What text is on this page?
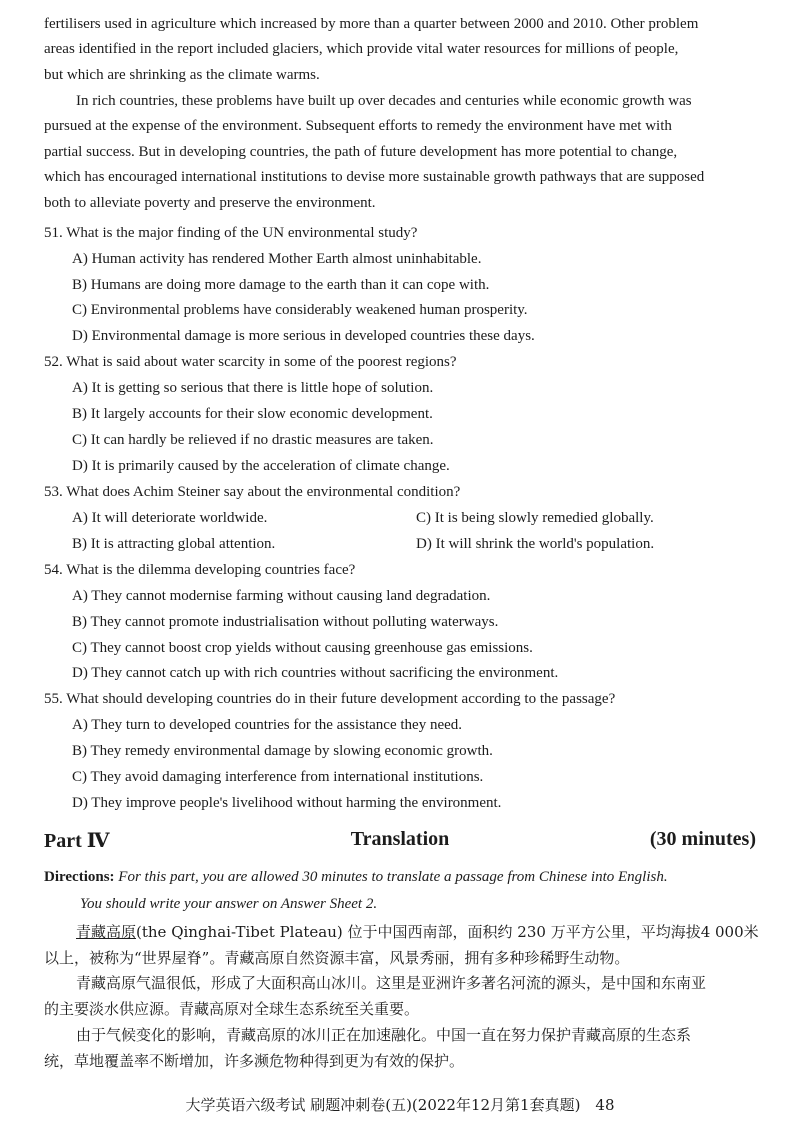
fertilisers used in agriculture which increased by more than a quarter between 2000 and 2010. Other problem
areas identified in the report included glaciers, which provide vital water resources for millions of people,
but which are shrinking as the climate warms.
In rich countries, these problems have built up over decades and centuries while economic growth was
pursued at the expense of the environment. Subsequent efforts to remedy the environment have met with
partial success. But in developing countries, the path of future development has more potential to change,
which has encouraged international institutions to devise more sustainable growth pathways that are supposed
both to alleviate poverty and preserve the environment.
51. What is the major finding of the UN environmental study?
A) Human activity has rendered Mother Earth almost uninhabitable.
B) Humans are doing more damage to the earth than it can cope with.
C) Environmental problems have considerably weakened human prosperity.
D) Environmental damage is more serious in developed countries these days.
52. What is said about water scarcity in some of the poorest regions?
A) It is getting so serious that there is little hope of solution.
B) It largely accounts for their slow economic development.
C) It can hardly be relieved if no drastic measures are taken.
D) It is primarily caused by the acceleration of climate change.
53. What does Achim Steiner say about the environmental condition?
A) It will deteriorate worldwide.	C) It is being slowly remedied globally.
B) It is attracting global attention.	D) It will shrink the world's population.
54. What is the dilemma developing countries face?
A) They cannot modernise farming without causing land degradation.
B) They cannot promote industrialisation without polluting waterways.
C) They cannot boost crop yields without causing greenhouse gas emissions.
D) They cannot catch up with rich countries without sacrificing the environment.
55. What should developing countries do in their future development according to the passage?
A) They turn to developed countries for the assistance they need.
B) They remedy environmental damage by slowing economic growth.
C) They avoid damaging interference from international institutions.
D) They improve people's livelihood without harming the environment.
Part Ⅳ	Translation	(30 minutes)
Directions: For this part, you are allowed 30 minutes to translate a passage from Chinese into English.
You should write your answer on Answer Sheet 2.
青藏高原(the Qinghai-Tibet Plateau) 位于中国西南部，面积约 230 万平方公里，平均海拔4 000米
以上，被称为“世界屋脊”。青藏高原自然资源丰富，风景秀丽，拥有多种珍稀野生动物。
青藏高原气温很低，形成了大面积高山冰川。这里是亚洲许多著名河流的源头，是中国和东南亚
的主要淡水供应源。青藏高原对全球生态系统至关重要。
由于气候变化的影响，青藏高原的冰川正在加速融化。中国一直在努力保护青藏高原的生态系
统，草地覆盖率不断增加，许多濒危物种得到更为有效的保护。
大学英语六级考试 刷题冲刺卷(五)(2022年12月第1套真题)　48
